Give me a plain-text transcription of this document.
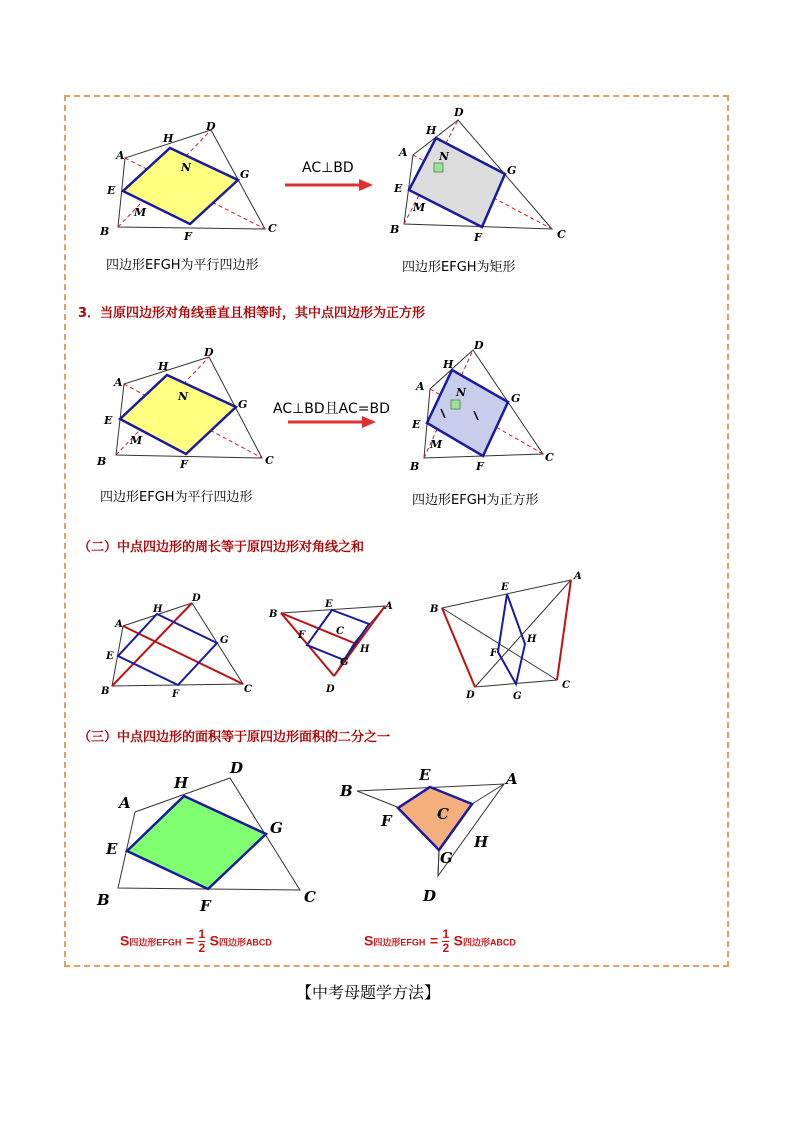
A
D
H
N
E
G
M
B	F
C
四边形EFGH为平行四边形
AC⊥BD
D
H
A	N
E
G
M
B
F	C
四边形EFGH为矩形
3．当原四边形对角线垂直且相等时，其中点四边形为正方形
A
D
H
N
E
G
M
B	F	C
四边形EFGH为平行四边形
AC⊥BD且AC=BD
D
H
A	N
E
G
M
B	F
C
四边形EFGH为正方形
（二）中点四边形的周长等于原四边形对角线之和
A
D
H
E
G
B	F	C
B
E	A
F	C
H
G
D
B
E
A
H
F
D	G
C
（三）中点四边形的面积等于原四边形面积的二分之一
A
D
H
E
G
B	F	C
B
E	A
F	C
H
G
D
S四边形EFGH = $\frac{1}{2}$ S四边形ABCD	S四边形EFGH = $\frac{1}{2}$ S四边形ABCD
【中考母题学方法】
